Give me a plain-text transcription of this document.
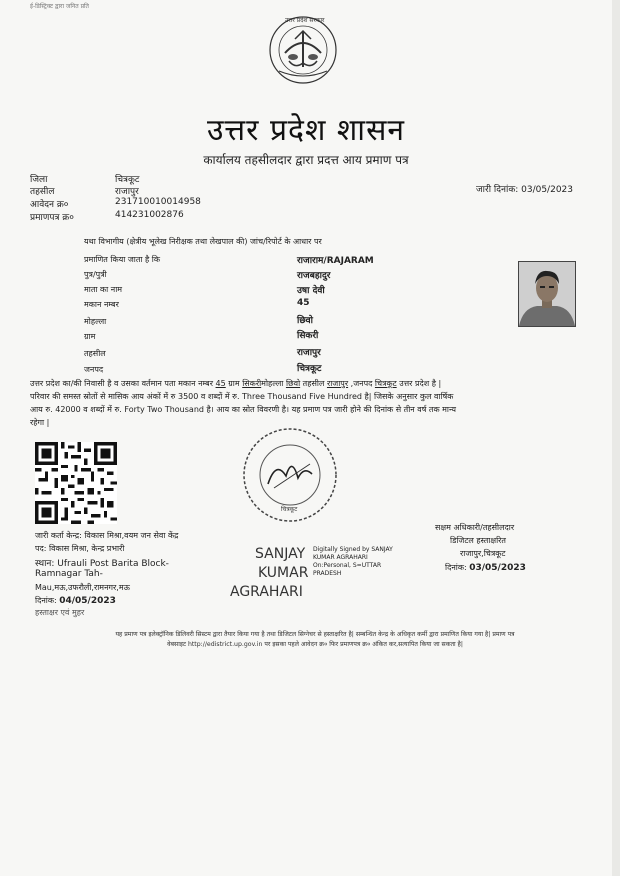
ई-डिस्ट्रिक्ट द्वारा जनित प्रति
उत्तर प्रदेश सरकार
उत्तर प्रदेश शासन
कार्यालय तहसीलदार द्वारा प्रदत्त आय प्रमाण पत्र
जिला	चित्रकूट
तहसील	राजापुर
आवेदन क्र०	231710010014958
प्रमाणपत्र क्र०	414231002876
जारी दिनांक: 03/05/2023
यथा विभागीय (क्षेत्रीय भूलेख निरीक्षक तथा लेखपाल की) जांच/रिपोर्ट के आधार पर
प्रमाणित किया जाता है कि	राजाराम/RAJARAM
पुत्र/पुत्री	राजबहादुर
माता का नाम	उषा देवी
मकान नम्बर	45
मोहल्ला	छिवो
ग्राम	सिकरी
तहसील	राजापुर
जनपद	चित्रकूट
उत्तर प्रदेश का/की निवासी है व उसका वर्तमान पता मकान नम्बर 45 ग्राम सिकरीमोहल्ला छिवो तहसील राजापुर ,जनपद चित्रकूट उत्तर प्रदेश है |
परिवार की समस्त स्रोतों से मासिक आय अंकों में रु 3500 व शब्दों में रु. Three Thousand Five Hundred है| जिसके अनुसार कुल वार्षिक
आय रु. 42000 व शब्दों में रु. Forty Two Thousand है। आय का स्रोत विवरणी है। यह प्रमाण पत्र जारी होने की दिनांक से तीन वर्ष तक मान्य
रहेगा |
चित्रकूट
जारी कर्ता केन्द्र: विकास मिश्रा,वयम जन सेवा केंद्र
पद: विकास मिश्रा, केन्द्र प्रभारी
स्थान: Ufrauli Post Barita Block-
Ramnagar Tah-
Mau,मऊ,उफरौली,रामनगर,मऊ
दिनांक: 04/05/2023
हस्ताक्षर एवं मुहर
SANJAY
KUMAR
AGRAHARI
Digitally Signed by SANJAY
KUMAR AGRAHARI
On:Personal, S=UTTAR
PRADESH
सक्षम अधिकारी/तहसीलदार
डिजिटल हस्ताक्षरित
राजापुर,चित्रकूट
दिनांक: 03/05/2023
यह प्रमाण पत्र इलेक्ट्रॉनिक डिलिवरी सिस्टम द्वारा तैयार किया गया है तथा डिजिटल सिग्नेचर से हस्ताक्षरित है| सम्बन्धित केन्द्र के अधिकृत कर्मी द्वारा प्रमाणित किया गया है| प्रमाण पत्र
वेबसाइट http://edistrict.up.gov.in पर इसका पहले आवेदन क्र० फिर प्रमाणपत्र क्र० अंकित कर,सत्यापित किया जा सकता है|
